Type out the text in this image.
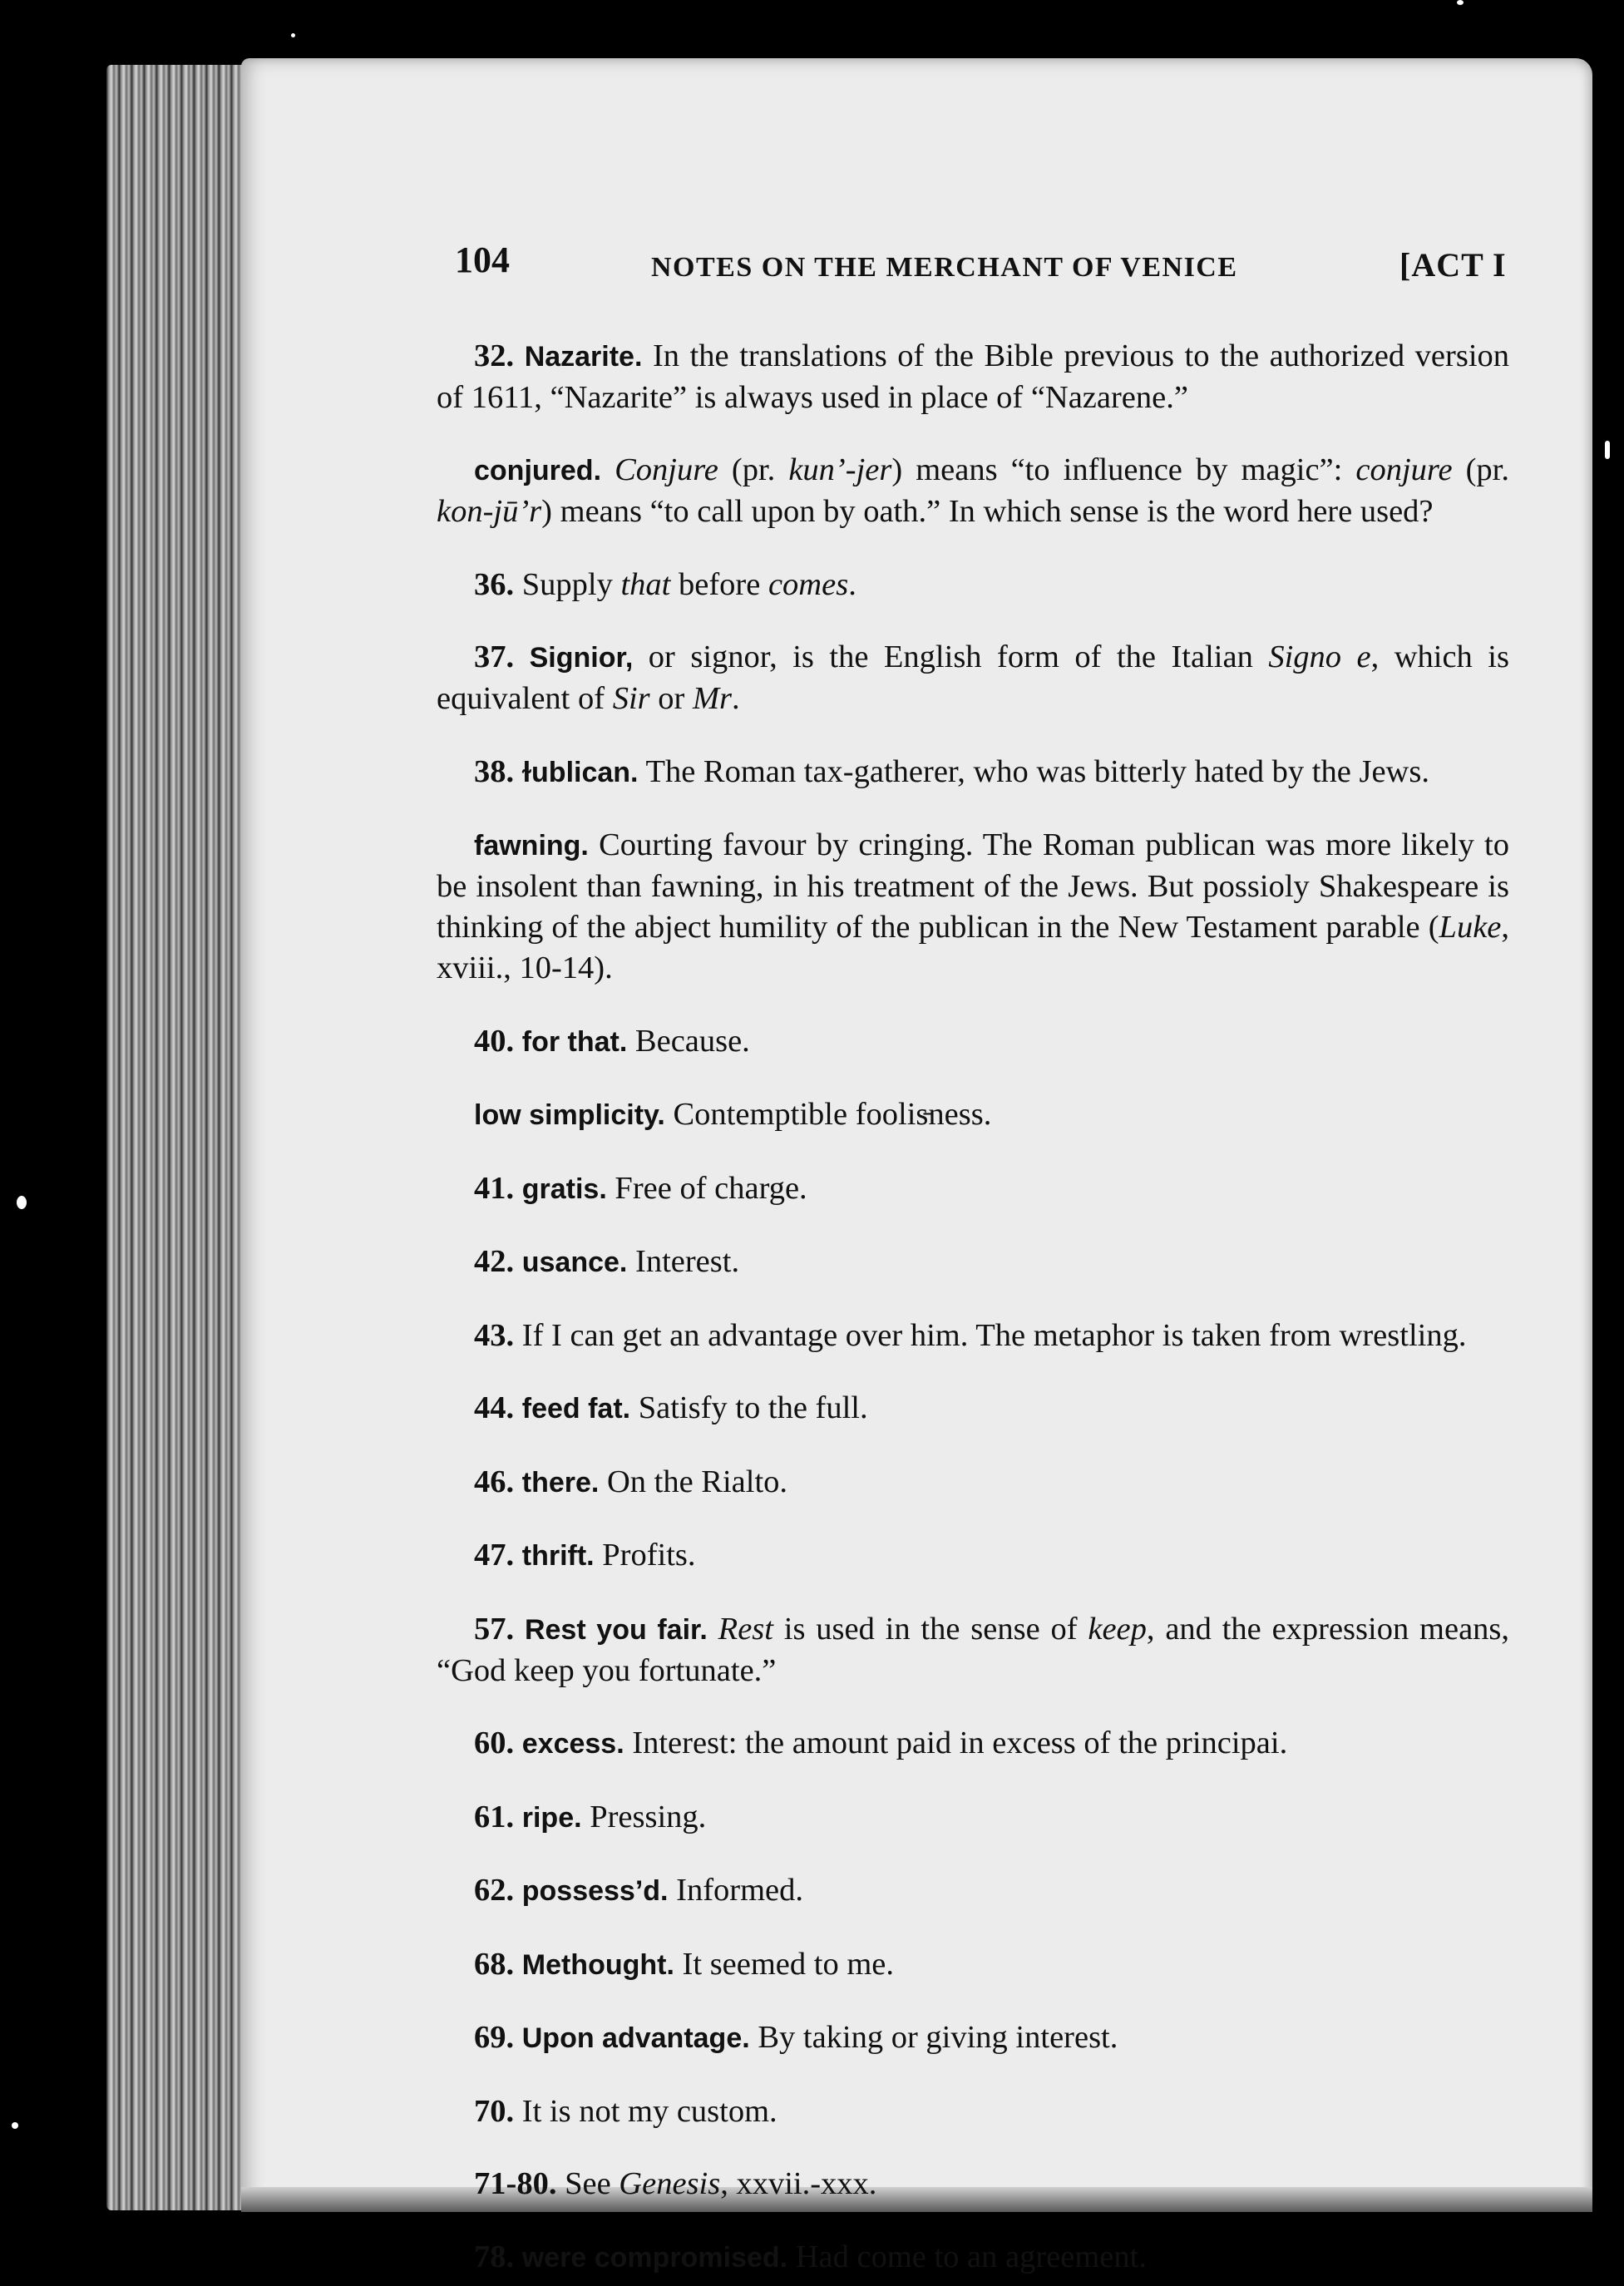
104	NOTES ON THE MERCHANT OF VENICE	[ACT I

32. Nazarite. In the translations of the Bible previous to the authorized version of 1611, “Nazarite” is always used in place of “Nazarene.”

conjured. Conjure (pr. kun’-jer) means “to influence by magic”: conjure (pr. kon-jū’r) means “to call upon by oath.” In which sense is the word here used?

36. Supply that before comes.

37. Signior, or signor, is the English form of the Italian Signo e, which is equivalent of Sir or Mr.

38. ɫublican. The Roman tax-gatherer, who was bitterly hated by the Jews.

fawning. Courting favour by cringing. The Roman publican was more likely to be insolent than fawning, in his treatment of the Jews. But possioly Shakespeare is thinking of the abject humility of the publican in the New Testament parable (Luke, xviii., 10-14).

40. for that. Because.

low simplicity. Contemptible foolis̵̵ness.

41. gratis. Free of charge.

42. usance. Interest.

43. If I can get an advantage over him. The metaphor is taken from wrestling.

44. feed fat. Satisfy to the full.

46. there. On the Rialto.

47. thrift. Profits.

57. Rest you fair. Rest is used in the sense of keep, and the expression means, “God keep you fortunate.”

60. excess. Interest: the amount paid in excess of the principai.

61. ripe. Pressing.

62. possess’d. Informed.

68. Methought. It seemed to me.

69. Upon advantage. By taking or giving interest.

70. It is not my custom.

71-80. See Genesis, xxvii.-xxx.

78. were compromised. Had come to an agreement.
